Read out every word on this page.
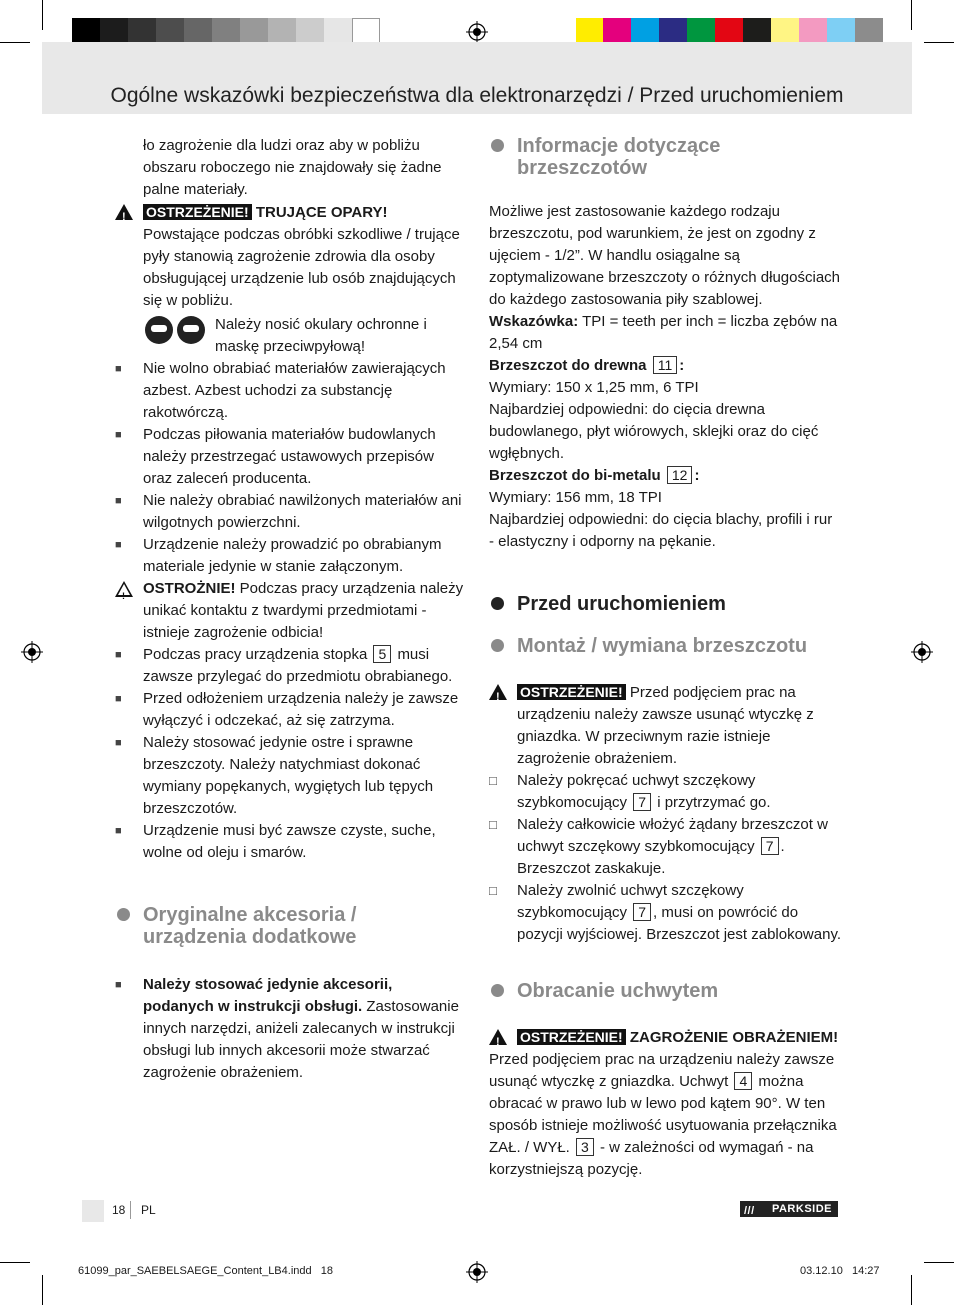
Ogólne wskazówki bezpieczeństwa dla elektronarzędzi / Przed uruchomieniem

ło zagrożenie dla ludzi oraz aby w pobliżu obszaru roboczego nie znajdowały się żadne palne materiały.

!
OSTRZEŻENIE! TRUJĄCE OPARY!

Powstające podczas obróbki szkodliwe / trujące pyły stanowią zagrożenie zdrowia dla osoby obsługującej urządzenie lub osób znajdujących się w pobliżu.

Należy nosić okulary ochronne i maskę przeciwpyłową!

■ Nie wolno obrabiać materiałów zawierających azbest. Azbest uchodzi za substancję rakotwórczą.

■ Podczas piłowania materiałów budowlanych należy przestrzegać ustawowych przepisów oraz zaleceń producenta.

■ Nie należy obrabiać nawilżonych materiałów ani wilgotnych powierzchni.

■ Urządzenie należy prowadzić po obrabianym materiale jedynie w stanie załączonym.

!
OSTROŻNIE! Podczas pracy urządzenia należy unikać kontaktu z twardymi przedmiotami - istnieje zagrożenie odbicia!

■ Podczas pracy urządzenia stopka 5 musi zawsze przylegać do przedmiotu obrabianego.

■ Przed odłożeniem urządzenia należy je zawsze wyłączyć i odczekać, aż się zatrzyma.

■ Należy stosować jedynie ostre i sprawne brzeszczoty. Należy natychmiast dokonać wymiany popękanych, wygiętych lub tępych brzeszczotów.

■ Urządzenie musi być zawsze czyste, suche, wolne od oleju i smarów.

Oryginalne akcesoria / urządzenia dodatkowe

■ Należy stosować jedynie akcesorii, podanych w instrukcji obsługi. Zastosowanie innych narzędzi, aniżeli zalecanych w instrukcji obsługi lub innych akcesorii może stwarzać zagrożenie obrażeniem.

Informacje dotyczące brzeszczotów

Możliwe jest zastosowanie każdego rodzaju brzeszczotu, pod warunkiem, że jest on zgodny z ujęciem - 1/2”. W handlu osiągalne są zoptymalizowane brzeszczoty o różnych długościach do każdego zastosowania piły szablowej.

Wskazówka: TPI = teeth per inch = liczba zębów na 2,54 cm

Brzeszczot do drewna 11 :

Wymiary: 150 x 1,25 mm, 6 TPI

Najbardziej odpowiedni: do cięcia drewna budowlanego, płyt wiórowych, sklejki oraz do cięć wgłębnych.

Brzeszczot do bi-metalu 12 :

Wymiary: 156 mm, 18 TPI

Najbardziej odpowiedni: do cięcia blachy, profili i rur - elastyczny i odporny na pękanie.

Przed uruchomieniem

Montaż / wymiana brzeszczotu

!
OSTRZEŻENIE! Przed podjęciem prac na urządzeniu należy zawsze usunąć wtyczkę z gniazdka. W przeciwnym razie istnieje zagrożenie obrażeniem.

□ Należy pokręcać uchwyt szczękowy szybkomocujący 7 i przytrzymać go.

□ Należy całkowicie włożyć żądany brzeszczot w uchwyt szczękowy szybkomocujący 7 . Brzeszczot zaskakuje.

□ Należy zwolnić uchwyt szczękowy szybkomocujący 7 , musi on powrócić do pozycji wyjściowej. Brzeszczot jest zablokowany.

Obracanie uchwytem

!
OSTRZEŻENIE! ZAGROŻENIE OBRAŻENIEM! Przed podjęciem prac na urządzeniu należy zawsze usunąć wtyczkę z gniazdka. Uchwyt 4 można obracać w prawo lub w lewo pod kątem 90°. W ten sposób istnieje możliwość usytuowania przełącznika ZAŁ. / WYŁ. 3 - w zależności od wymagań - na korzystniejszą pozycję.

18 PL	/// PARKSIDE
61099_par_SAEBELSAEGE_Content_LB4.indd   18	03.12.10   14:27
